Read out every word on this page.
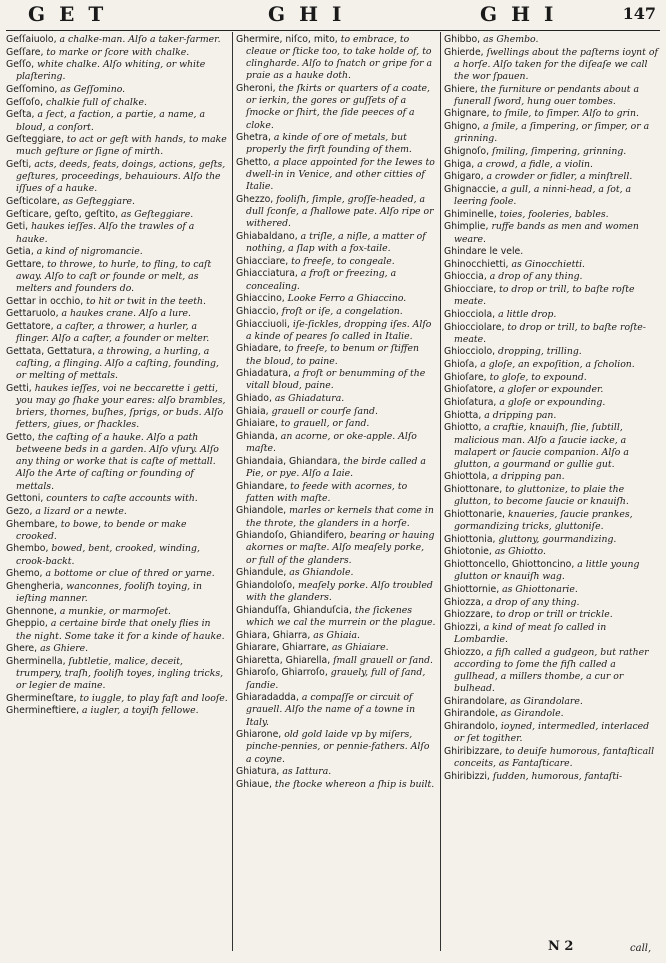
GET	GHI	GHI	147

Geſſaiuolo, a chalke-man. Alſo a taker-farmer.

Geſſare, to marke or ſcore with chalke.

Geſſo, white chalke. Alſo whiting, or white plaſtering.

Geſſomino, as Geſſomino.

Geſſoſo, chalkie full of chalke.

Geſta, a ſect, a faction, a partie, a name, a bloud, a conſort.

Geſteggiare, to act or geſt with hands, to make much geſture or ſigne of mirth.

Geſti, acts, deeds, feats, doings, actions, geſts, geſtures, proceedings, behauiours. Alſo the iſſues of a hauke.

Geſticolare, as Geſteggiare.

Geſticare, geſto, geſtito, as Geſteggiare.

Geti, haukes ieſſes. Alſo the trawles of a hauke.

Getia, a kind of nigromancie.

Gettare, to throwe, to hurle, to fling, to caſt away. Alſo to caſt or founde or melt, as melters and founders do.

Gettar in occhio, to hit or twit in the teeth.

Gettaruolo, a haukes crane. Alſo a lure.

Gettatore, a caſter, a thrower, a hurler, a flinger. Alſo a caſter, a founder or melter.

Gettata, Gettatura, a throwing, a hurling, a caſting, a flinging. Alſo a caſting, founding, or melting of mettals.

Getti, haukes ieſſes, voi ne beccarette i getti, you may go ſhake your eares: alſo brambles, briers, thornes, buſhes, ſprigs, or buds. Alſo fetters, giues, or ſhackles.

Getto, the caſting of a hauke. Alſo a path betweene beds in a garden. Alſo vſury. Alſo any thing or worke that is caſte of mettall. Alſo the Arte of caſting or founding of mettals.

Gettoni, counters to caſte accounts with.

Gezo, a lizard or a newte.

Ghembare, to bowe, to bende or make crooked.

Ghembo, bowed, bent, crooked, winding, crook-backt.

Ghemo, a bottome or clue of thred or yarne.

Ghengheria, wanconnes, fooliſh toying, in ieſting manner.

Ghennone, a munkie, or marmoſet.

Gheppio, a certaine birde that onely flies in the night. Some take it for a kinde of hauke.

Ghere, as Ghiere.

Gherminella, ſubtletie, malice, deceit, trumpery, traſh, fooliſh toyes, ingling tricks, or legier de maine.

Ghermineſtare, to iuggle, to play faſt and looſe.

Ghermineftiere, a iugler, a toyiſh fellowe.

Ghermire, niſco, mito, to embrace, to cleaue or ſticke too, to take holde of, to clingharde. Alſo to ſnatch or gripe for a praie as a hauke doth.

Gheroni, the ſkirts or quarters of a coate, or ierkin, the gores or guſſets of a ſmocke or ſhirt, the ſide peeces of a cloke.

Ghetra, a kinde of ore of metals, but properly the firſt founding of them.

Ghetto, a place appointed for the Iewes to dwell-in in Venice, and other citties of Italie.

Ghezzo, fooliſh, ſimple, groſſe-headed, a dull ſconſe, a ſhallowe pate. Alſo ripe or withered.

Ghiabaldano, a triſle, a niſle, a matter of nothing, a ſlap with a fox-taile.

Ghiacciare, to freeſe, to congeale.

Ghiacciatura, a froſt or freezing, a concealing.

Ghiaccino, Looke Ferro a Ghiaccino.

Ghiaccio, froſt or iſe, a congelation.

Ghiacciuoli, iſe-ſickles, dropping iſes. Alſo a kinde of peares ſo called in Italie.

Ghiadare, to freeſe, to benum or ſtiffen the bloud, to paine.

Ghiadatura, a froſt or benumming of the vitall bloud, paine.

Ghiado, as Ghiadatura.

Ghiaia, grauell or courſe ſand.

Ghiaiare, to grauell, or ſand.

Ghianda, an acorne, or oke-apple. Alſo maſte.

Ghiandaia, Ghiandara, the birde called a Pie, or pye. Alſo a Iaie.

Ghiandare, to feede with acornes, to fatten with maſte.

Ghiandole, marles or kernels that come in the throte, the glanders in a horſe.

Ghiandoſo, Ghiandifero, bearing or hauing akornes or maſte. Alſo meaſely porke, or full of the glanders.

Ghiandule, as Ghiandole.

Ghiandoloſo, meaſely porke. Alſo troubled with the glanders.

Ghianduſſa, Ghianduſcia, the ſickenes which we cal the murrein or the plague.

Ghiara, Ghiarra, as Ghiaia.

Ghiarare, Ghiarrare, as Ghiaiare.

Ghiaretta, Ghiarella, ſmall grauell or ſand.

Ghiaroſo, Ghiarroſo, grauely, full of ſand, ſandie.

Ghiaradadda, a compaſſe or circuit of grauell. Alſo the name of a towne in Italy.

Ghiarone, old gold laide vp by miſers, pinche-pennies, or pennie-fathers. Alſo a coyne.

Ghiatura, as Iattura.

Ghiaue, the ſtocke whereon a ſhip is built.

Ghibbo, as Ghembo.

Ghierde, ſwellings about the paſterns ioynt of a horſe. Alſo taken for the diſeaſe we call the wor ſpauen.

Ghiere, the furniture or pendants about a funerall ſword, hung ouer tombes.

Ghignare, to ſmile, to ſimper. Alſo to grin.

Ghigno, a ſmile, a ſimpering, or ſimper, or a grinning.

Ghignoſo, ſmiling, ſimpering, grinning.

Ghiga, a crowd, a fidle, a violin.

Ghigaro, a crowder or fidler, a minſtrell.

Ghignaccie, a gull, a ninni-head, a ſot, a leering foole.

Ghiminelle, toies, fooleries, bables.

Ghimplie, ruffe bands as men and women weare.

Ghindare le vele.

Ghinocchietti, as Ginocchietti.

Ghioccia, a drop of any thing.

Ghiocciare, to drop or trill, to baſte roſte meate.

Ghiocciola, a little drop.

Ghiocciolare, to drop or trill, to baſte roſte-meate.

Ghiocciolo, dropping, trilling.

Ghioſa, a gloſe, an expoſition, a ſcholion.

Ghioſare, to gloſe, to expound.

Ghioſatore, a gloſer or expounder.

Ghioſatura, a gloſe or expounding.

Ghiotta, a dripping pan.

Ghiotto, a craftie, knauiſh, ſlie, ſubtill, malicious man. Alſo a ſaucie iacke, a malapert or ſaucie companion. Alſo a glutton, a gourmand or gullie gut.

Ghiottola, a dripping pan.

Ghiottonare, to gluttonize, to plaie the glutton, to become ſaucie or knauiſh.

Ghiottonarie, knaueries, ſaucie prankes, gormandizing tricks, gluttoniſe.

Ghiottonia, gluttony, gourmandizing.

Ghiotonie, as Ghiotto.

Ghiottoncello, Ghiottoncino, a little young glutton or knauiſh wag.

Ghiottornie, as Ghiottonarie.

Ghiozza, a drop of any thing.

Ghiozzare, to drop or trill or trickle.

Ghiozzi, a kind of meat ſo called in Lombardie.

Ghiozzo, a fiſh called a gudgeon, but rather according to ſome the fiſh called a gullhead, a millers thombe, a cur or bulhead.

Ghirandolare, as Girandolare.

Ghirandole, as Girandole.

Ghirandolo, ioyned, intermedled, interlaced or ſet togither.

Ghiribizzare, to deuiſe humorous, fantaſticall conceits, as Fantaſticare.

Ghiribizzi, ſudden, humorous, fantaſti-

N 2	call,
